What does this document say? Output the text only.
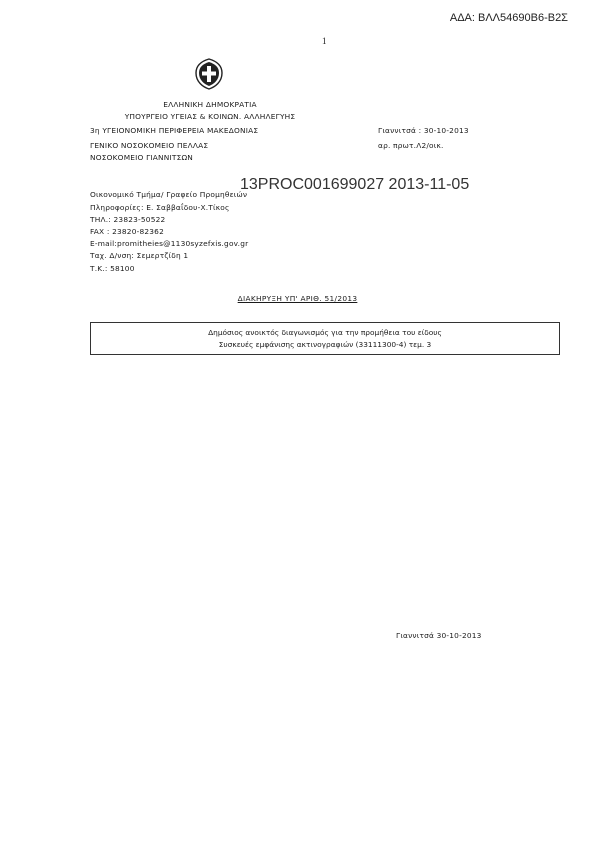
ΑΔΑ: ΒΛΛ54690Β6-Β2Σ
1
ΕΛΛΗΝΙΚΗ ΔΗΜΟΚΡΑΤΙΑ
ΥΠΟΥΡΓΕΙΟ ΥΓΕΙΑΣ & ΚΟΙΝΩΝ. ΑΛΛΗΛΕΓΥΗΣ
3η ΥΓΕΙΟΝΟΜΙΚΗ ΠΕΡΙΦΕΡΕΙΑ ΜΑΚΕΔΟΝΙΑΣ
ΓΕΝΙΚΟ ΝΟΣΟΚΟΜΕΙΟ ΠΕΛΛΑΣ
ΝΟΣΟΚΟΜΕΙΟ ΓΙΑΝΝΙΤΣΩΝ
Γιαννιτσά : 30-10-2013
αρ. πρωτ.Λ2/οικ.
13PROC001699027 2013-11-05
Οικονομικό Τμήμα/ Γραφείο Προμηθειών
Πληροφορίες: Ε. Σαββαΐδου-Χ.Τίκος
ΤΗΛ.: 23823-50522
FAX : 23820-82362
E-mail:promitheies@1130syzefxis.gov.gr
Ταχ. Δ/νση: Σεμερτζίδη 1
Τ.Κ.: 58100
ΔΙΑΚΗΡΥΞΗ ΥΠ' ΑΡΙΘ. 51/2013
Δημόσιος ανοικτός διαγωνισμός για την προμήθεια του είδους
Συσκευές εμφάνισης ακτινογραφιών (33111300-4) τεμ. 3
Γιαννιτσά 30-10-2013
